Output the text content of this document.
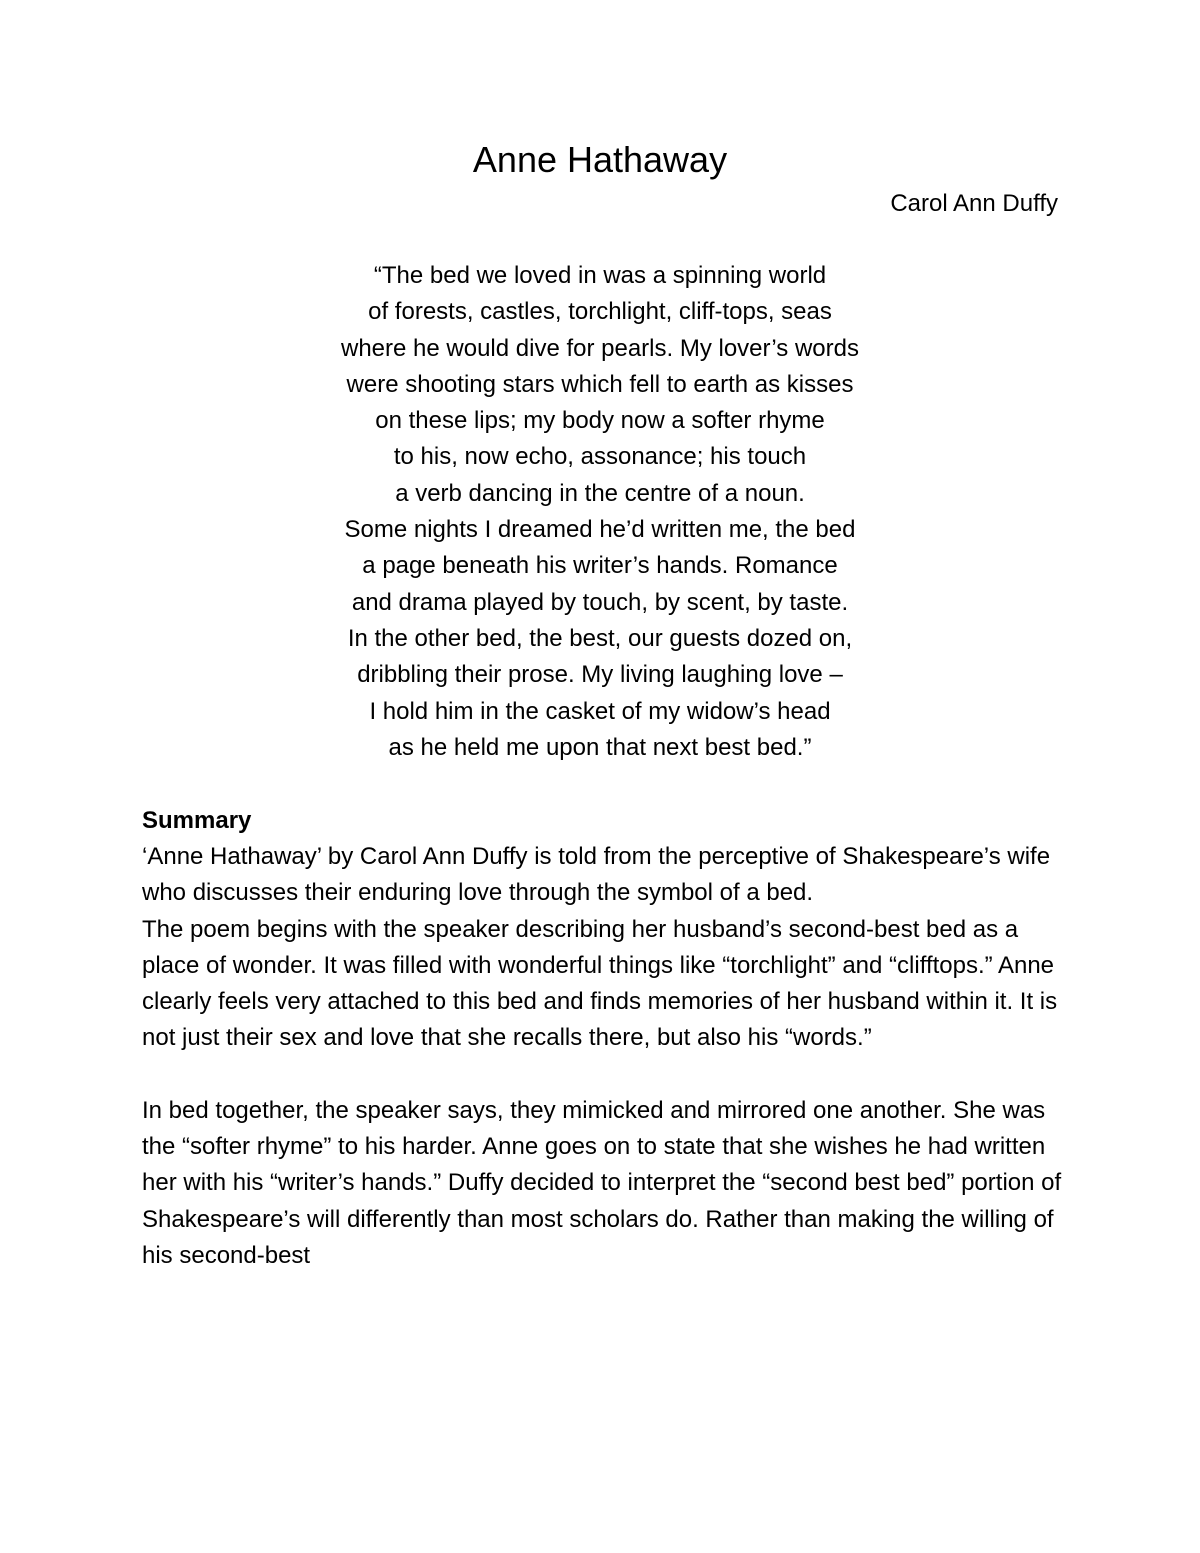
Anne Hathaway

Carol Ann Duffy

“The bed we loved in was a spinning world
of forests, castles, torchlight, cliff-tops, seas
where he would dive for pearls. My lover’s words
were shooting stars which fell to earth as kisses
on these lips; my body now a softer rhyme
to his, now echo, assonance; his touch
a verb dancing in the centre of a noun.
Some nights I dreamed he’d written me, the bed
a page beneath his writer’s hands. Romance
and drama played by touch, by scent, by taste.
In the other bed, the best, our guests dozed on,
dribbling their prose. My living laughing love –
I hold him in the casket of my widow’s head
as he held me upon that next best bed.”
Summary

‘Anne Hathaway’ by Carol Ann Duffy is told from the perceptive of Shakespeare’s wife who discusses their enduring love through the symbol of a bed.

The poem begins with the speaker describing her husband’s second-best bed as a place of wonder. It was filled with wonderful things like “torchlight” and “clifftops.” Anne clearly feels very attached to this bed and finds memories of her husband within it. It is not just their sex and love that she recalls there, but also his “words.”

In bed together, the speaker says, they mimicked and mirrored one another. She was the “softer rhyme” to his harder. Anne goes on to state that she wishes he had written her with his “writer’s hands.” Duffy decided to interpret the “second best bed” portion of Shakespeare’s will differently than most scholars do. Rather than making the willing of his second-best
